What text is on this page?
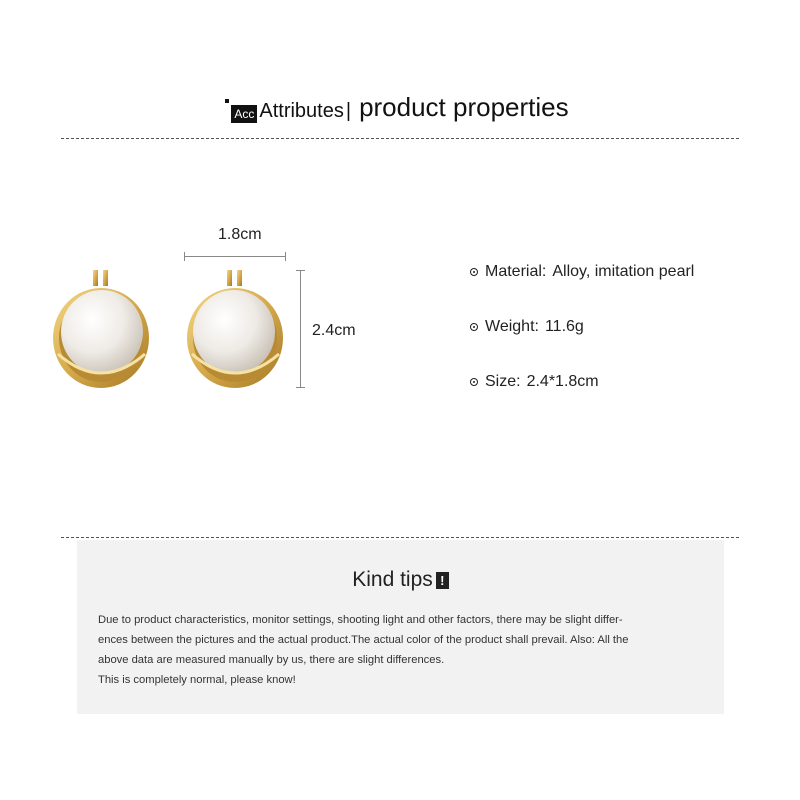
Acc Attributes | product properties
1.8cm
2.4cm
Material: Alloy, imitation pearl
Weight: 11.6g
Size: 2.4*1.8cm
Kind tips !

Due to product characteristics, monitor settings, shooting light and other factors, there may be slight differ-

ences between the pictures and the actual product.The actual color of the product shall prevail. Also: All the

above data are measured manually by us, there are slight differences.

This is completely normal, please know!
